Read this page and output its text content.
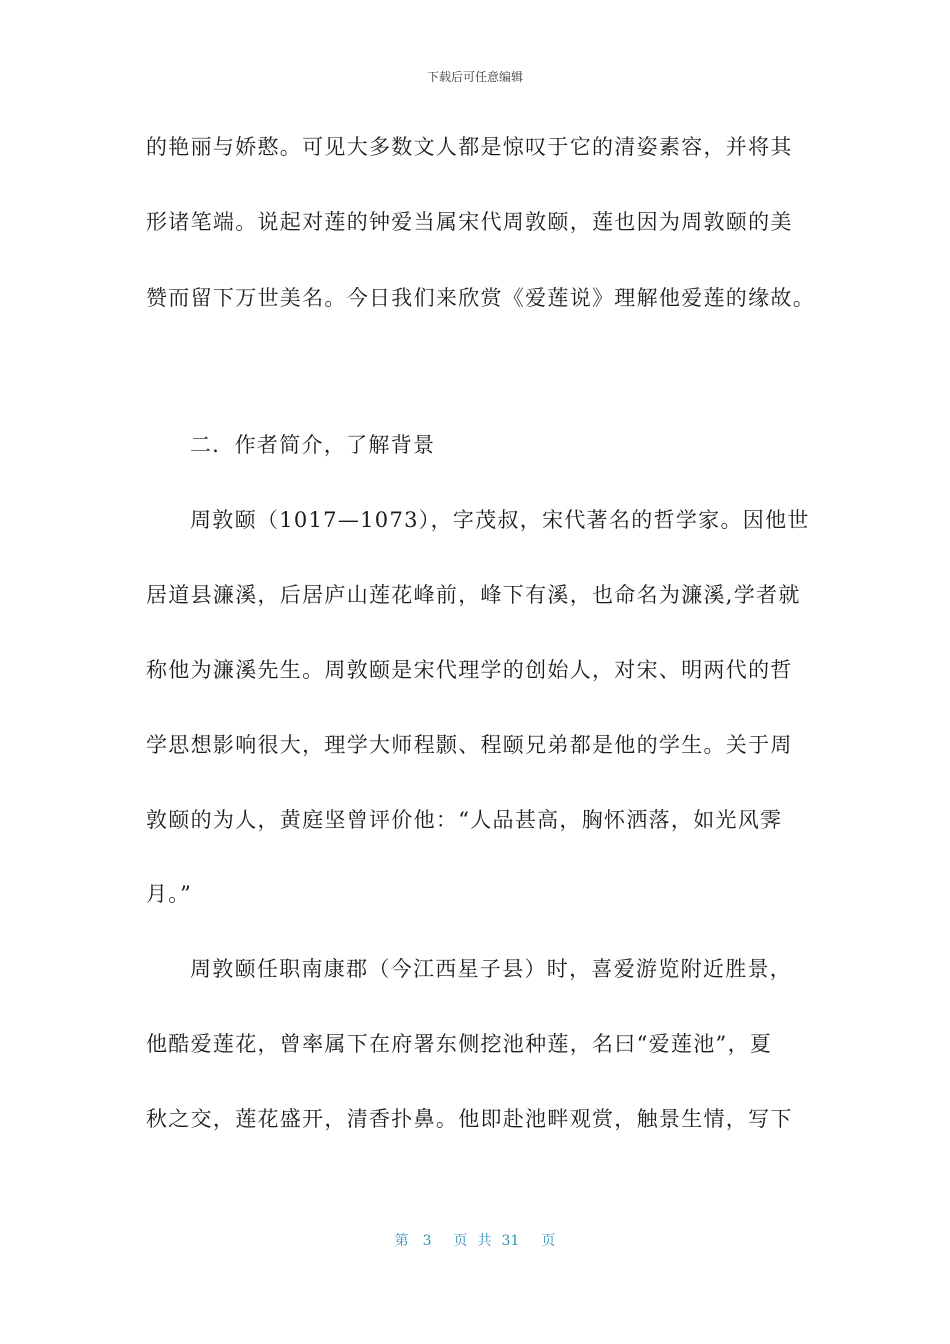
下载后可任意编辑
的艳丽与娇憨。可见大多数文人都是惊叹于它的清姿素容，并将其
形诸笔端。说起对莲的钟爱当属宋代周敦颐，莲也因为周敦颐的美
赞而留下万世美名。今日我们来欣赏《爱莲说》理解他爱莲的缘故。
二．作者简介，了解背景
周敦颐（1017—1073），字茂叔，宋代著名的哲学家。因他世
居道县濂溪，后居庐山莲花峰前，峰下有溪，也命名为濂溪,学者就
称他为濂溪先生。周敦颐是宋代理学的创始人，对宋、明两代的哲
学思想影响很大，理学大师程颢、程颐兄弟都是他的学生。关于周
敦颐的为人，黄庭坚曾评价他：“人品甚高，胸怀洒落，如光风霁
月。”
周敦颐任职南康郡（今江西星子县）时，喜爱游览附近胜景，
他酷爱莲花，曾率属下在府署东侧挖池种莲，名曰“爱莲池”，夏
秋之交，莲花盛开，清香扑鼻。他即赴池畔观赏，触景生情，写下
第 3 页 共 31 页
